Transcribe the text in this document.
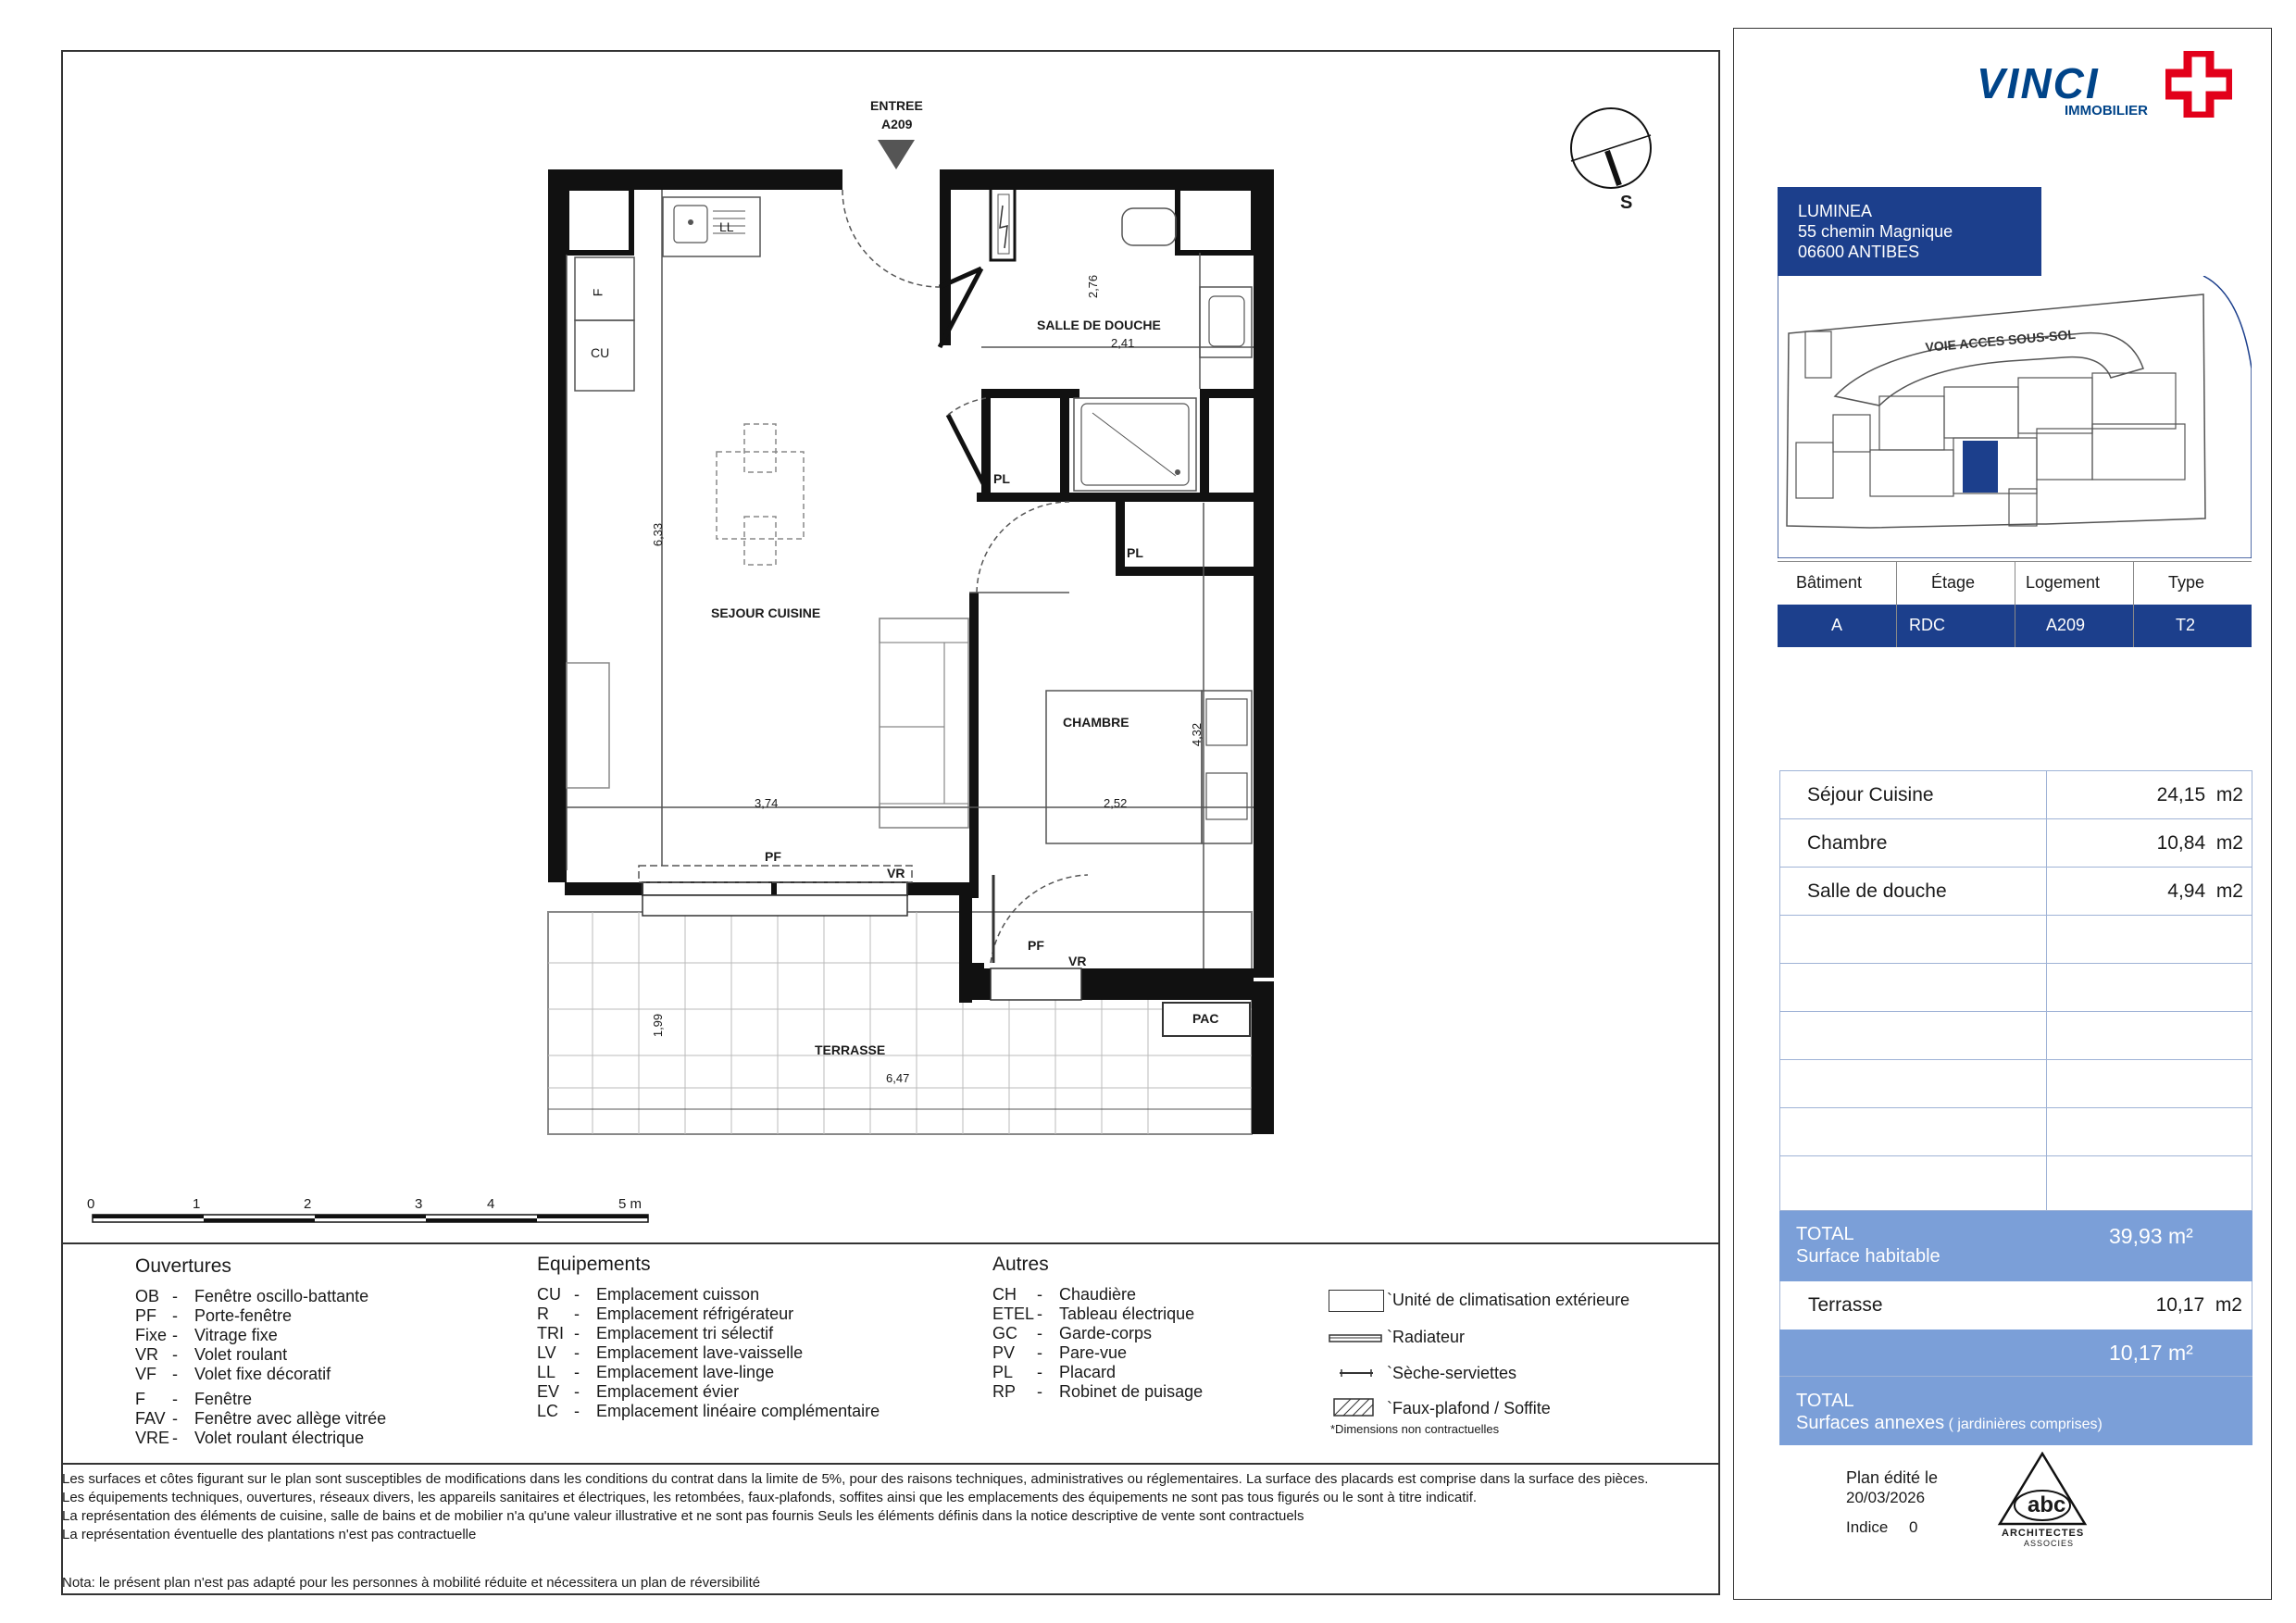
ENTREE
A209
S
SEJOUR CUISINE
SALLE DE DOUCHE
CHAMBRE
TERRASSE
6,33
3,74
2,76
2,41
4,32
2,52
1,99
6,47
F
CU
LL
PL
PL
PF
VR
PF
VR
PAC
0	1	2	3	4	5 m
VINCI
IMMOBILIER
LUMINEA
55 chemin Magnique
06600 ANTIBES
VOIE ACCES SOUS-SOL
Bâtiment	Étage	Logement	Type
A	RDC	A209	T2
Séjour Cuisine	24,15 m2
Chambre	10,84 m2
Salle de douche	4,94 m2
TOTAL
Surface habitable
39,93 m²
Terrasse	10,17 m2
10,17 m²
TOTAL
Surfaces annexes ( jardinières comprises)
Ouvertures
OB - Fenêtre oscillo-battante
PF - Porte-fenêtre
Fixe - Vitrage fixe
VR - Volet roulant
VF - Volet fixe décoratif
F - Fenêtre
FAV - Fenêtre avec allège vitrée
VRE - Volet roulant électrique
Equipements
CU - Emplacement cuisson
R - Emplacement réfrigérateur
TRI - Emplacement tri sélectif
LV - Emplacement lave-vaisselle
LL - Emplacement lave-linge
EV - Emplacement évier
LC - Emplacement linéaire complémentaire
Autres
CH - Chaudière
ETEL - Tableau électrique
GC - Garde-corps
PV - Pare-vue
PL - Placard
RP - Robinet de puisage
`Unité de climatisation extérieure
`Radiateur
`Sèche-serviettes
`Faux-plafond / Soffite
*Dimensions non contractuelles
Les surfaces et côtes figurant sur le plan sont susceptibles de modifications dans les conditions du contrat dans la limite de 5%, pour des raisons techniques, administratives ou réglementaires. La surface des placards est comprise dans la surface des pièces.
Les équipements techniques, ouvertures, réseaux divers, les appareils sanitaires et électriques, les retombées, faux-plafonds, soffites ainsi que les emplacements des équipements ne sont pas tous figurés ou le sont à titre indicatif.
La représentation des éléments de cuisine, salle de bains et de mobilier n'a qu'une valeur illustrative et ne sont pas fournis Seuls les éléments définis dans la notice descriptive de vente sont contractuels
La représentation éventuelle des plantations n'est pas contractuelle
Nota: le présent plan n'est pas adapté pour les personnes à mobilité réduite et nécessitera un plan de réversibilité
Plan édité le
20/03/2026
Indice 0
abc
ARCHITECTES
ASSOCIES
